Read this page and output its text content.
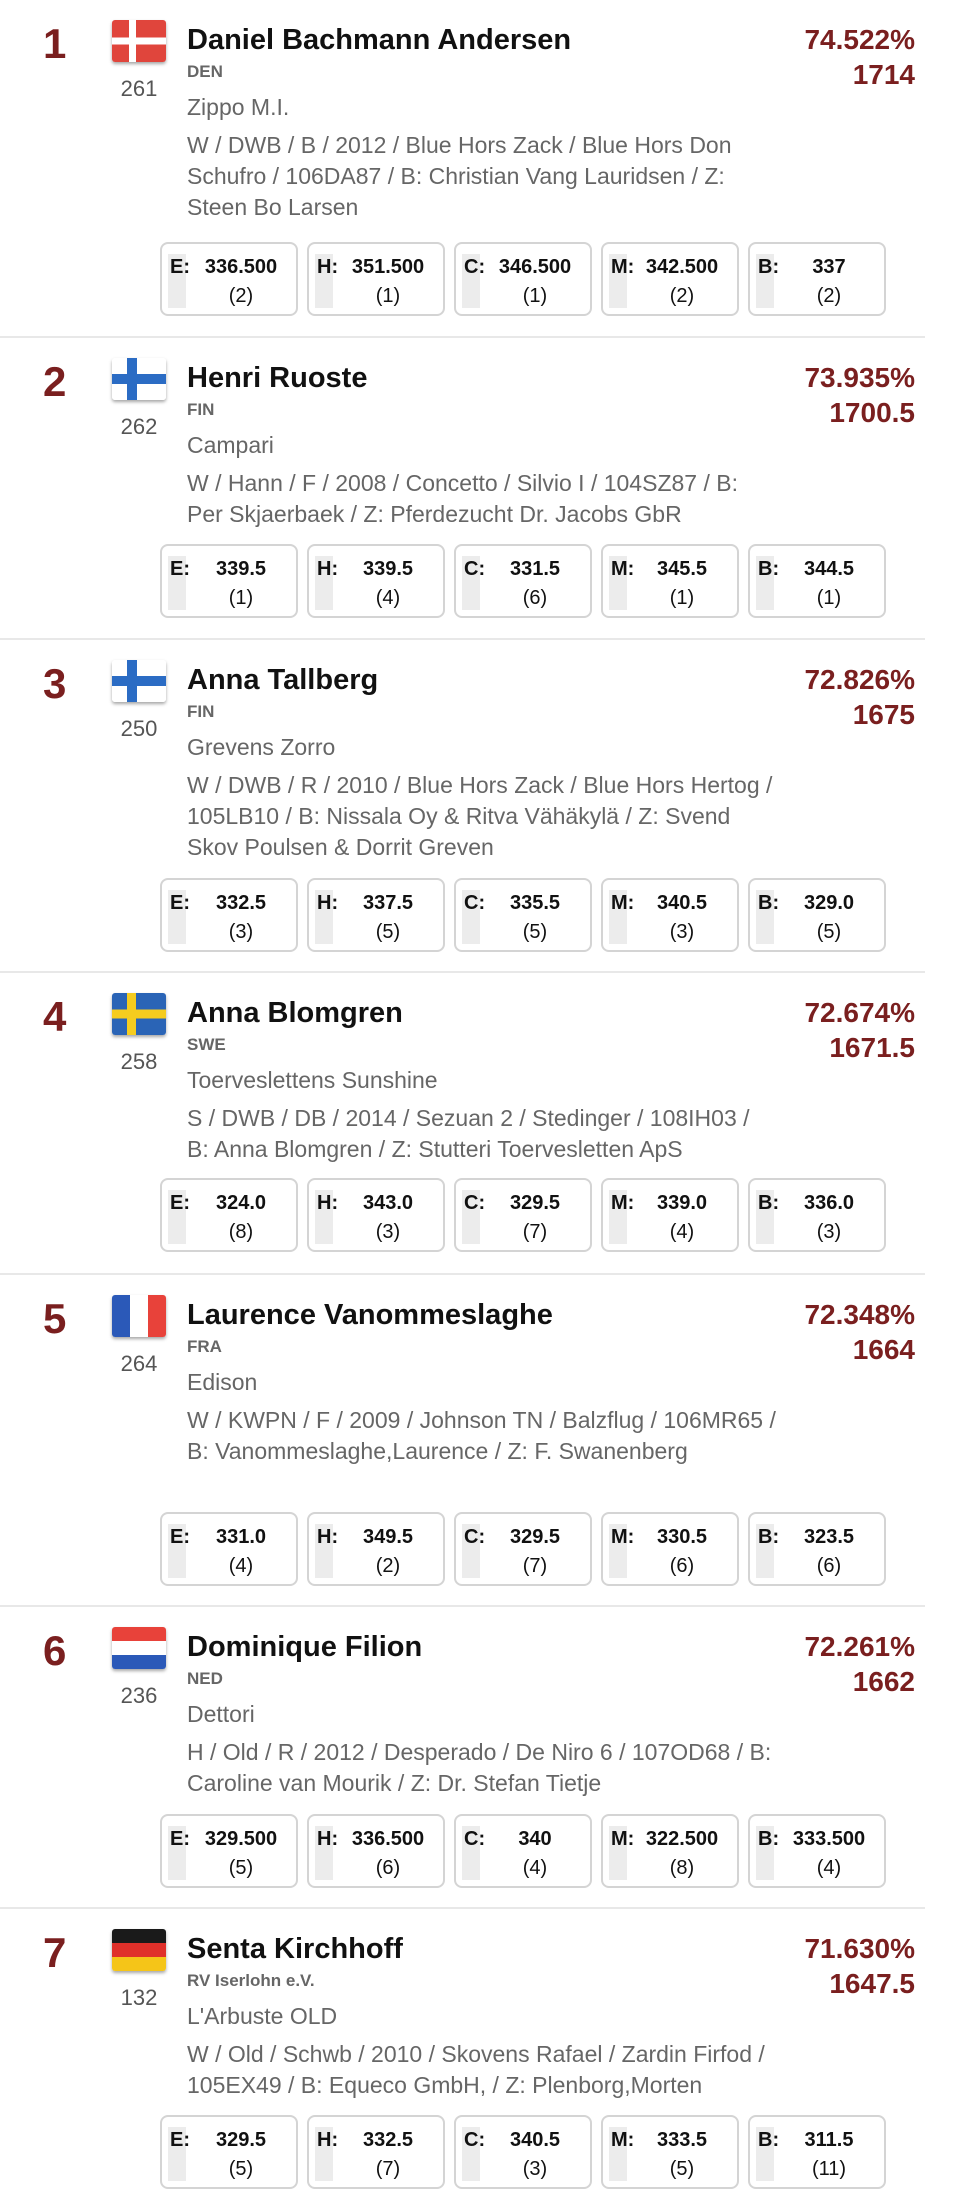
1
261
Daniel Bachmann Andersen
DEN
Zippo M.I.
W / DWB / B / 2012 / Blue Hors Zack / Blue Hors Don Schufro / 106DA87 / B: Christian Vang Lauridsen / Z: Steen Bo Larsen
74.522%
1714
E: 336.500
(2)
H: 351.500
(1)
C: 346.500
(1)
M: 342.500
(2)
B:	337
(2)
2
262
Henri Ruoste
FIN
Campari
W / Hann / F / 2008 / Concetto / Silvio I / 104SZ87 / B: Per Skjaerbaek / Z: Pferdezucht Dr. Jacobs GbR
73.935%
1700.5
E:	339.5
(1)
H:	339.5
(4)
C:	331.5
(6)
M:	345.5
(1)
B:	344.5
(1)
3
250
Anna Tallberg
FIN
Grevens Zorro
W / DWB / R / 2010 / Blue Hors Zack / Blue Hors Hertog / 105LB10 / B: Nissala Oy & Ritva Vähäkylä / Z: Svend Skov Poulsen & Dorrit Greven
72.826%
1675
E:	332.5
(3)
H:	337.5
(5)
C:	335.5
(5)
M:	340.5
(3)
B:	329.0
(5)
4
258
Anna Blomgren
SWE
Toerveslettens Sunshine
S / DWB / DB / 2014 / Sezuan 2 / Stedinger / 108IH03 / B: Anna Blomgren / Z: Stutteri Toervesletten ApS
72.674%
1671.5
E:	324.0
(8)
H:	343.0
(3)
C:	329.5
(7)
M:	339.0
(4)
B:	336.0
(3)
5
264
Laurence Vanommeslaghe
FRA
Edison
W / KWPN / F / 2009 / Johnson TN / Balzflug / 106MR65 / B: Vanommeslaghe,Laurence / Z: F. Swanenberg
72.348%
1664
E:	331.0
(4)
H:	349.5
(2)
C:	329.5
(7)
M:	330.5
(6)
B:	323.5
(6)
6
236
Dominique Filion
NED
Dettori
H / Old / R / 2012 / Desperado / De Niro 6 / 107OD68 / B: Caroline van Mourik / Z: Dr. Stefan Tietje
72.261%
1662
E: 329.500
(5)
H: 336.500
(6)
C:	340
(4)
M: 322.500
(8)
B: 333.500
(4)
7
132
Senta Kirchhoff
RV Iserlohn e.V.
L'Arbuste OLD
W / Old / Schwb / 2010 / Skovens Rafael / Zardin Firfod / 105EX49 / B: Equeco GmbH, / Z: Plenborg,Morten
71.630%
1647.5
E:	329.5
(5)
H:	332.5
(7)
C:	340.5
(3)
M:	333.5
(5)
B:	311.5
(11)
